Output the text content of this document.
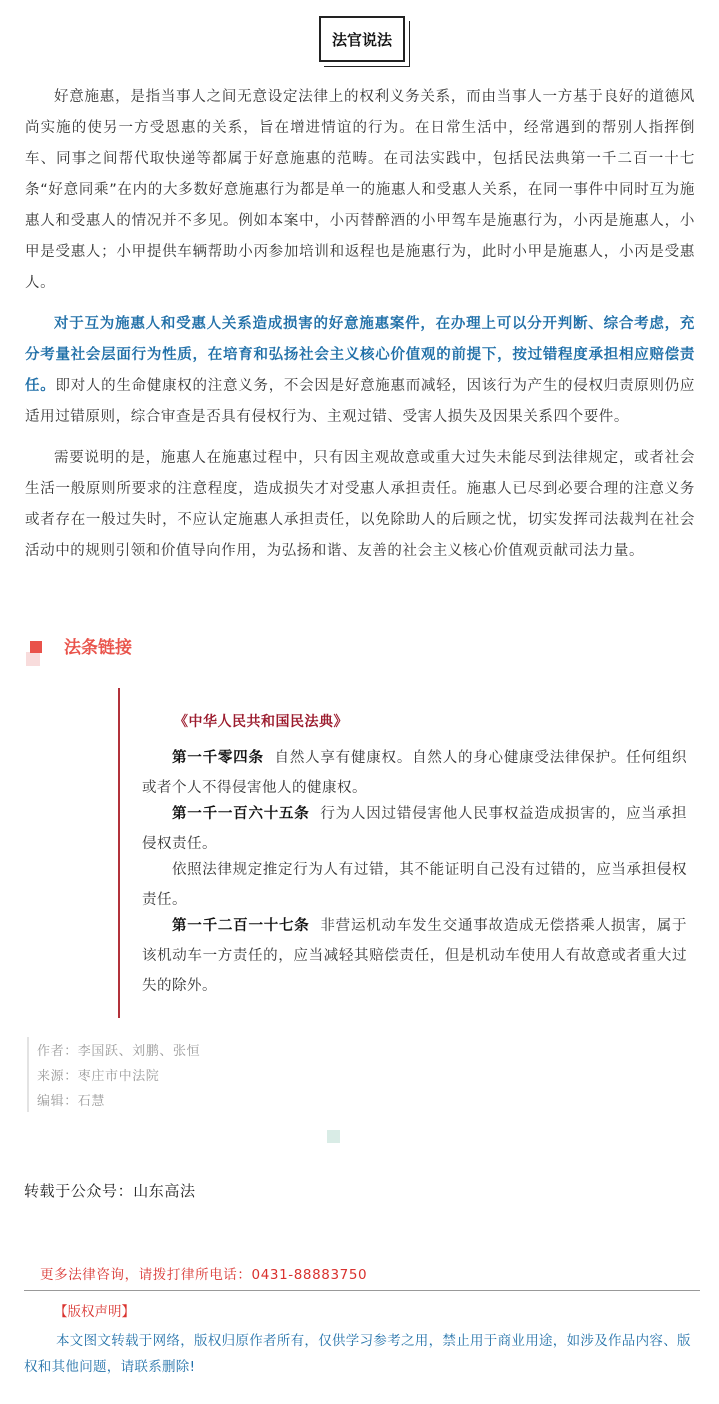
法官说法

好意施惠，是指当事人之间无意设定法律上的权利义务关系，而由当事人一方基于良好的道德风尚实施的使另一方受恩惠的关系，旨在增进情谊的行为。在日常生活中，经常遇到的帮别人指挥倒车、同事之间帮代取快递等都属于好意施惠的范畴。在司法实践中，包括民法典第一千二百一十七条“好意同乘”在内的大多数好意施惠行为都是单一的施惠人和受惠人关系，在同一事件中同时互为施惠人和受惠人的情况并不多见。例如本案中，小丙替醉酒的小甲驾车是施惠行为，小丙是施惠人，小甲是受惠人；小甲提供车辆帮助小丙参加培训和返程也是施惠行为，此时小甲是施惠人，小丙是受惠人。

对于互为施惠人和受惠人关系造成损害的好意施惠案件，在办理上可以分开判断、综合考虑，充分考量社会层面行为性质，在培育和弘扬社会主义核心价值观的前提下，按过错程度承担相应赔偿责任。即对人的生命健康权的注意义务，不会因是好意施惠而减轻，因该行为产生的侵权归责原则仍应适用过错原则，综合审查是否具有侵权行为、主观过错、受害人损失及因果关系四个要件。

需要说明的是，施惠人在施惠过程中，只有因主观故意或重大过失未能尽到法律规定，或者社会生活一般原则所要求的注意程度，造成损失才对受惠人承担责任。施惠人已尽到必要合理的注意义务或者存在一般过失时，不应认定施惠人承担责任，以免除助人的后顾之忧，切实发挥司法裁判在社会活动中的规则引领和价值导向作用，为弘扬和谐、友善的社会主义核心价值观贡献司法力量。

法条链接

《中华人民共和国民法典》

第一千零四条 自然人享有健康权。自然人的身心健康受法律保护。任何组织或者个人不得侵害他人的健康权。

第一千一百六十五条 行为人因过错侵害他人民事权益造成损害的，应当承担侵权责任。

依照法律规定推定行为人有过错，其不能证明自己没有过错的，应当承担侵权责任。

第一千二百一十七条 非营运机动车发生交通事故造成无偿搭乘人损害，属于该机动车一方责任的，应当减轻其赔偿责任，但是机动车使用人有故意或者重大过失的除外。

作者：李国跃、刘鹏、张恒
来源：枣庄市中法院
编辑：石慧
转载于公众号：山东高法
更多法律咨询，请拨打律所电话：0431-88883750
【版权声明】

本文图文转载于网络，版权归原作者所有，仅供学习参考之用，禁止用于商业用途，如涉及作品内容、版权和其他问题，请联系删除!
